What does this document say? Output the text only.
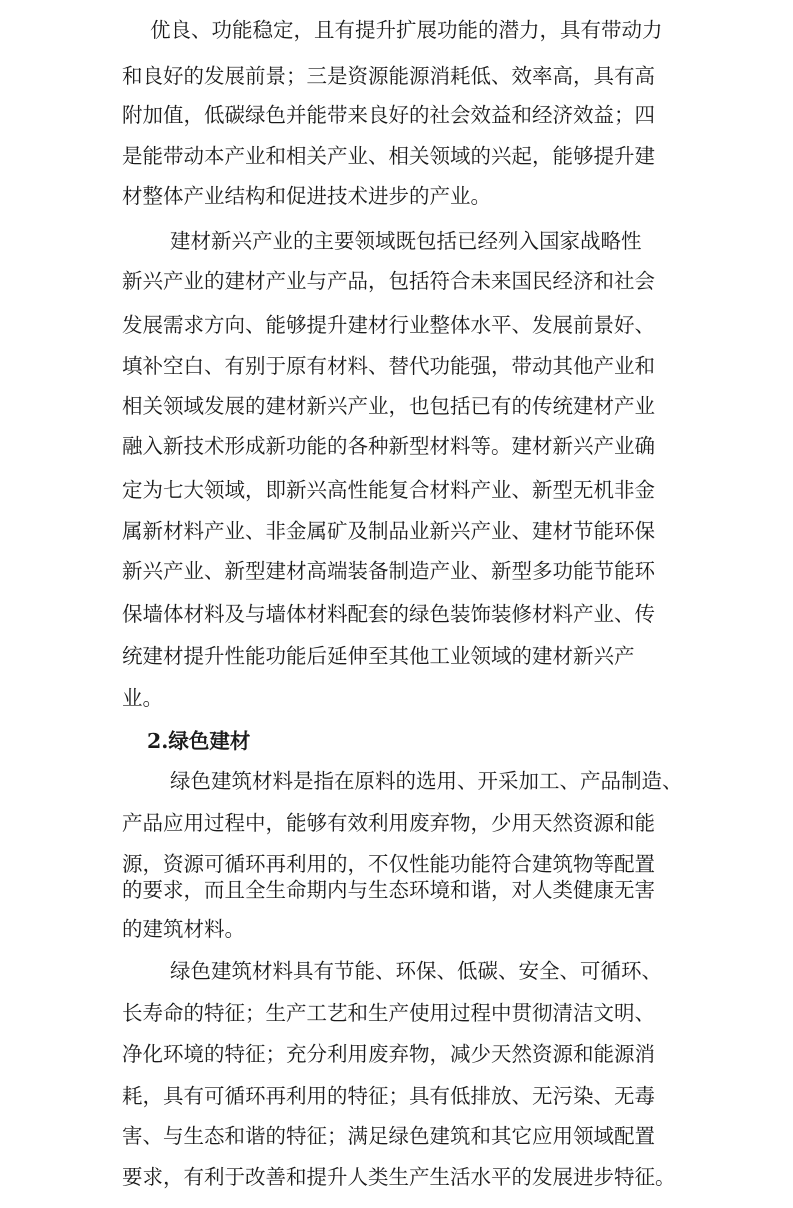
优良、功能稳定，且有提升扩展功能的潜力，具有带动力
和良好的发展前景；三是资源能源消耗低、效率高，具有高
附加值，低碳绿色并能带来良好的社会效益和经济效益；四
是能带动本产业和相关产业、相关领域的兴起，能够提升建
材整体产业结构和促进技术进步的产业。
建材新兴产业的主要领域既包括已经列入国家战略性
新兴产业的建材产业与产品，包括符合未来国民经济和社会
发展需求方向、能够提升建材行业整体水平、发展前景好、
填补空白、有别于原有材料、替代功能强，带动其他产业和
相关领域发展的建材新兴产业，也包括已有的传统建材产业
融入新技术形成新功能的各种新型材料等。建材新兴产业确
定为七大领域，即新兴高性能复合材料产业、新型无机非金
属新材料产业、非金属矿及制品业新兴产业、建材节能环保
新兴产业、新型建材高端装备制造产业、新型多功能节能环
保墙体材料及与墙体材料配套的绿色装饰装修材料产业、传
统建材提升性能功能后延伸至其他工业领域的建材新兴产
业。
2.绿色建材
绿色建筑材料是指在原料的选用、开采加工、产品制造、
产品应用过程中，能够有效利用废弃物，少用天然资源和能
源，资源可循环再利用的，不仅性能功能符合建筑物等配置
的要求，而且全生命期内与生态环境和谐，对人类健康无害
的建筑材料。
绿色建筑材料具有节能、环保、低碳、安全、可循环、
长寿命的特征；生产工艺和生产使用过程中贯彻清洁文明、
净化环境的特征；充分利用废弃物，减少天然资源和能源消
耗，具有可循环再利用的特征；具有低排放、无污染、无毒
害、与生态和谐的特征；满足绿色建筑和其它应用领域配置
要求，有利于改善和提升人类生产生活水平的发展进步特征。
